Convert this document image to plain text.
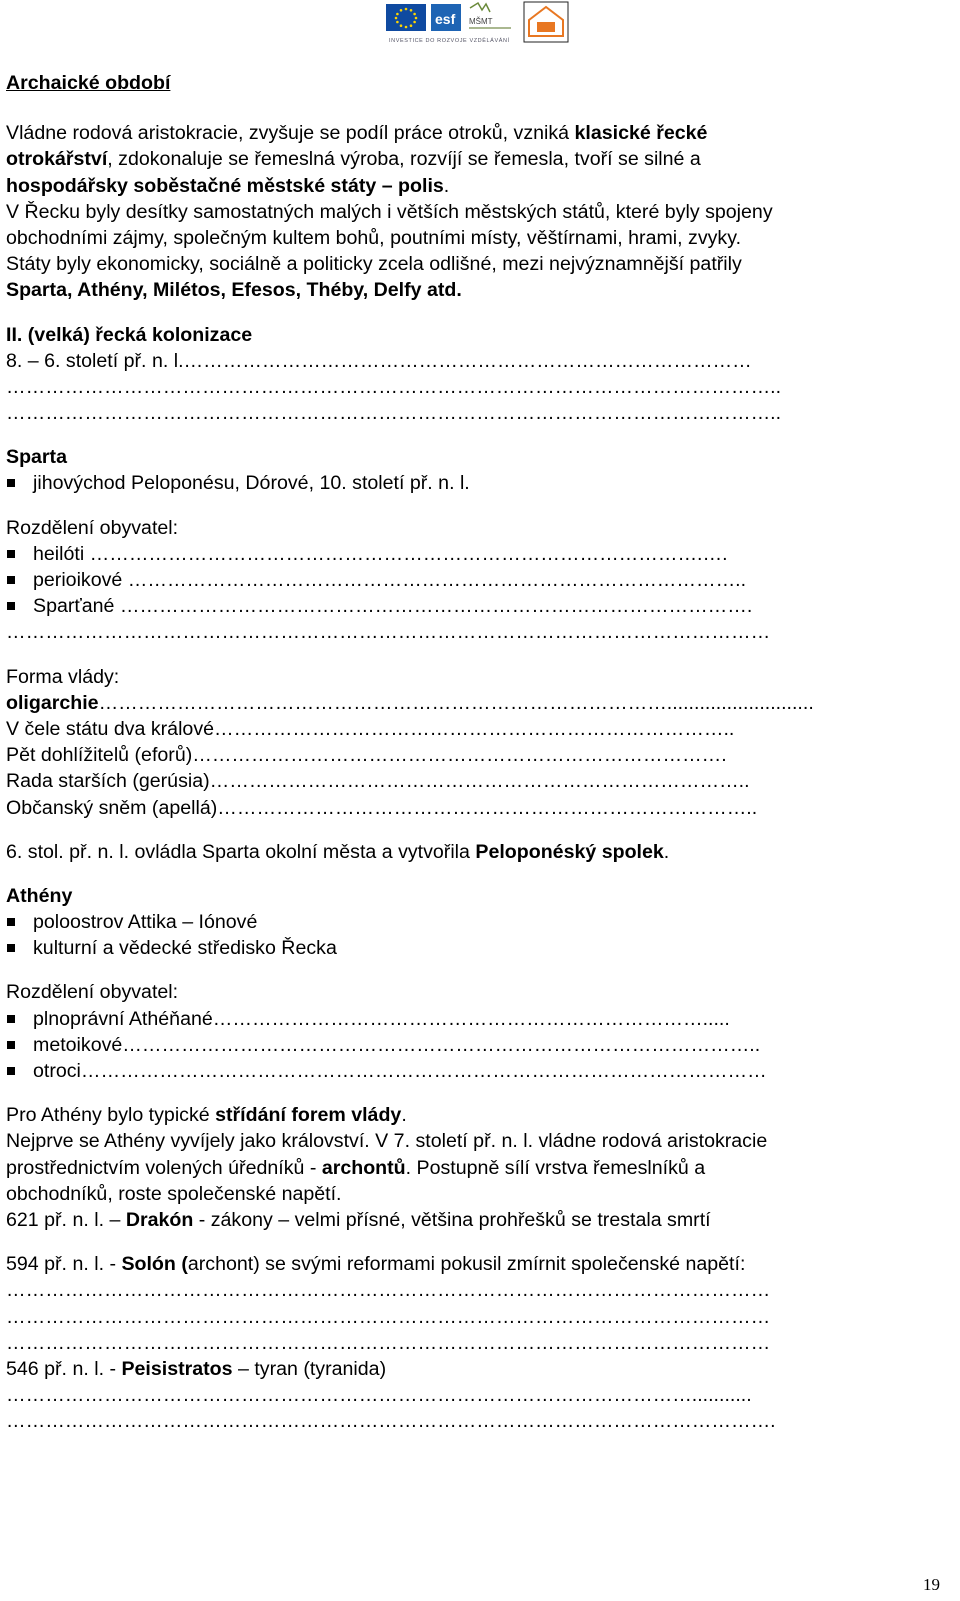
esf MŠMT
INVESTICE DO ROZVOJE VZDĚLÁVÁNÍ
Archaické období
Vládne rodová aristokracie, zvyšuje se podíl práce otroků, vzniká klasické řecké
otrokářství, zdokonaluje se řemeslná výroba, rozvíjí se řemesla, tvoří se silné a
hospodářsky soběstačné městské státy – polis.
V Řecku byly desítky samostatných malých i větších městských států, které byly spojeny
obchodními zájmy, společným kultem bohů, poutními místy, věštírnami, hrami, zvyky.
Státy byly ekonomicky, sociálně a politicky zcela odlišné, mezi nejvýznamnější patřily
Sparta, Athény, Milétos, Efesos, Théby, Delfy atd.
II. (velká) řecká kolonizace
8. – 6. století př. n. l.……………………………………………………………………………
………………………………………………………………………………………………………..
………………………………………………………………………………………………………..
Sparta
jihovýchod Peloponésu, Dórové, 10. století př. n. l.
Rozdělení obyvatel:
heilóti ………………………………………………………………………………….….
perioikové …………………………………………………………………………………..
Sparťané …………………………………………………………………………………….
………………………………………………………………………………………………………
Forma vlády:
oligarchie……………………………………………………………………………...........................
V čele státu dva králové……………………………………………………………………..
Pět dohlížitelů (eforů)……………………………………………………………………….
Rada starších (gerúsia)………………………………………………………………………..
Občanský sněm (apellá)………………………………………………………………………..
6. stol. př. n. l. ovládla Sparta okolní města a vytvořila Peloponéský spolek.
Athény
poloostrov Attika – Iónové
kulturní a vědecké středisko Řecka
Rozdělení obyvatel:
plnoprávní Athéňané………………………………………………………………….....
metoikové……………………………………………………………………………………..
otroci……………………………………………………………………………………………
Pro Athény bylo typické střídání forem vlády.
Nejprve se Athény vyvíjely jako království. V 7. století př. n. l. vládne rodová aristokracie
prostřednictvím volených úředníků - archontů. Postupně sílí vrstva řemeslníků a
obchodníků, roste společenské napětí.
621 př. n. l. – Drakón - zákony – velmi přísné, většina prohřešků se trestala smrtí
594 př. n. l. - Solón (archont) se svými reformami pokusil zmírnit společenské napětí:
………………………………………………………………………………………………………
………………………………………………………………………………………………………
………………………………………………………………………………………………………
546 př. n. l. - Peisistratos – tyran (tyranida)
……………………………………………………………………………………………...........
……………………………………………………………………………………………………….
19
